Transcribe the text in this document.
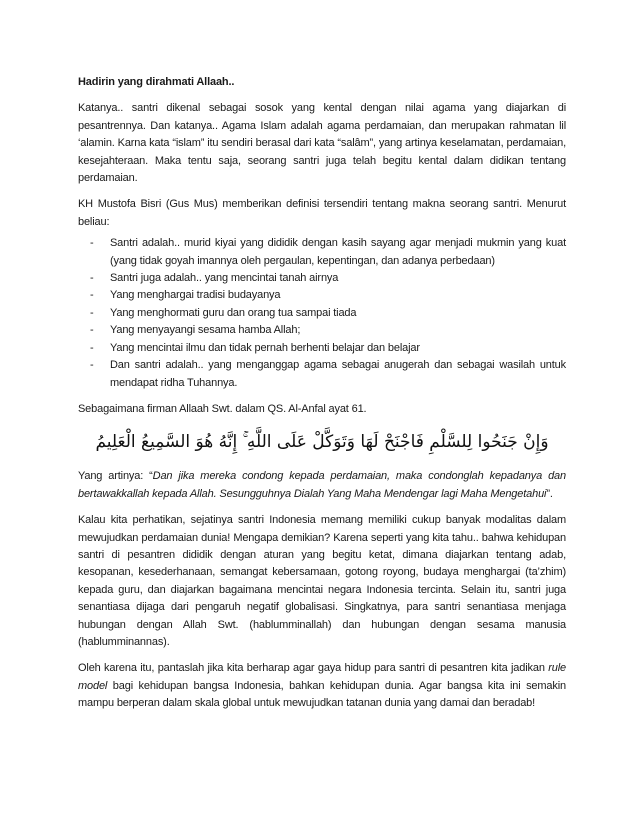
Hadirin yang dirahmati Allaah..

Katanya.. santri dikenal sebagai sosok yang kental dengan nilai agama yang diajarkan di pesantrennya. Dan katanya.. Agama Islam adalah agama perdamaian, dan merupakan rahmatan lil ‘alamin. Karna kata “islam” itu sendiri berasal dari kata “salâm”, yang artinya keselamatan, perdamaian, kesejahteraan. Maka tentu saja, seorang santri juga telah begitu kental dalam didikan tentang perdamaian.

KH Mustofa Bisri (Gus Mus) memberikan definisi tersendiri tentang makna seorang santri. Menurut beliau:

- Santri adalah.. murid kiyai yang dididik dengan kasih sayang agar menjadi mukmin yang kuat (yang tidak goyah imannya oleh pergaulan, kepentingan, dan adanya perbedaan)
- Santri juga adalah.. yang mencintai tanah airnya
- Yang menghargai tradisi budayanya
- Yang menghormati guru dan orang tua sampai tiada
- Yang menyayangi sesama hamba Allah;
- Yang mencintai ilmu dan tidak pernah berhenti belajar dan belajar
- Dan santri adalah.. yang menganggap agama sebagai anugerah dan sebagai wasilah untuk mendapat ridha Tuhannya.

Sebagaimana firman Allaah Swt. dalam QS. Al-Anfal ayat 61.

وَإِنْ جَنَحُوا لِلسَّلْمِ فَاجْنَحْ لَهَا وَتَوَكَّلْ عَلَى اللَّهِ ۚ إِنَّهُ هُوَ السَّمِيعُ الْعَلِيمُ

Yang artinya: “Dan jika mereka condong kepada perdamaian, maka condonglah kepadanya dan bertawakkallah kepada Allah. Sesungguhnya Dialah Yang Maha Mendengar lagi Maha Mengetahui”.

Kalau kita perhatikan, sejatinya santri Indonesia memang memiliki cukup banyak modalitas dalam mewujudkan perdamaian dunia! Mengapa demikian? Karena seperti yang kita tahu.. bahwa kehidupan santri di pesantren dididik dengan aturan yang begitu ketat, dimana diajarkan tentang adab, kesopanan, kesederhanaan, semangat kebersamaan, gotong royong, budaya menghargai (ta’zhim) kepada guru, dan diajarkan bagaimana mencintai negara Indonesia tercinta. Selain itu, santri juga senantiasa dijaga dari pengaruh negatif globalisasi. Singkatnya, para santri senantiasa menjaga hubungan dengan Allah Swt. (hablumminallah) dan hubungan dengan sesama manusia (hablumminannas).

Oleh karena itu, pantaslah jika kita berharap agar gaya hidup para santri di pesantren kita jadikan rule model bagi kehidupan bangsa Indonesia, bahkan kehidupan dunia. Agar bangsa kita ini semakin mampu berperan dalam skala global untuk mewujudkan tatanan dunia yang damai dan beradab!
